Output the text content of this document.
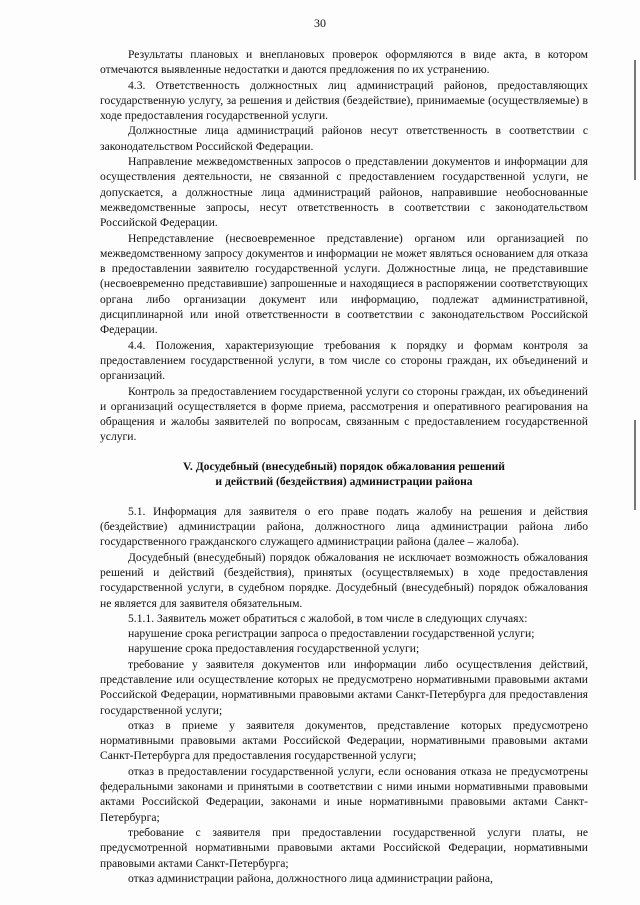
30

Результаты плановых и внеплановых проверок оформляются в виде акта, в котором отмечаются выявленные недостатки и даются предложения по их устранению.

4.3. Ответственность должностных лиц администраций районов, предоставляющих государственную услугу, за решения и действия (бездействие), принимаемые (осуществляемые) в ходе предоставления государственной услуги.

Должностные лица администраций районов несут ответственность в соответствии с законодательством Российской Федерации.

Направление межведомственных запросов о представлении документов и информации для осуществления деятельности, не связанной с предоставлением государственной услуги, не допускается, а должностные лица администраций районов, направившие необоснованные межведомственные запросы, несут ответственность в соответствии с законодательством Российской Федерации.

Непредставление (несвоевременное представление) органом или организацией по межведомственному запросу документов и информации не может являться основанием для отказа в предоставлении заявителю государственной услуги. Должностные лица, не представившие (несвоевременно представившие) запрошенные и находящиеся в распоряжении соответствующих органа либо организации документ или информацию, подлежат административной, дисциплинарной или иной ответственности в соответствии с законодательством Российской Федерации.

4.4. Положения, характеризующие требования к порядку и формам контроля за предоставлением государственной услуги, в том числе со стороны граждан, их объединений и организаций.

Контроль за предоставлением государственной услуги со стороны граждан, их объединений и организаций осуществляется в форме приема, рассмотрения и оперативного реагирования на обращения и жалобы заявителей по вопросам, связанным с предоставлением государственной услуги.

V. Досудебный (внесудебный) порядок обжалования решений
и действий (бездействия) администрации района

5.1. Информация для заявителя о его праве подать жалобу на решения и действия (бездействие) администрации района, должностного лица администрации района либо государственного гражданского служащего администрации района (далее – жалоба).

Досудебный (внесудебный) порядок обжалования не исключает возможность обжалования решений и действий (бездействия), принятых (осуществляемых) в ходе предоставления государственной услуги, в судебном порядке. Досудебный (внесудебный) порядок обжалования не является для заявителя обязательным.

5.1.1. Заявитель может обратиться с жалобой, в том числе в следующих случаях:

нарушение срока регистрации запроса о предоставлении государственной услуги;

нарушение срока предоставления государственной услуги;

требование у заявителя документов или информации либо осуществления действий, представление или осуществление которых не предусмотрено нормативными правовыми актами Российской Федерации, нормативными правовыми актами Санкт-Петербурга для предоставления государственной услуги;

отказ в приеме у заявителя документов, представление которых предусмотрено нормативными правовыми актами Российской Федерации, нормативными правовыми актами Санкт-Петербурга для предоставления государственной услуги;

отказ в предоставлении государственной услуги, если основания отказа не предусмотрены федеральными законами и принятыми в соответствии с ними иными нормативными правовыми актами Российской Федерации, законами и иные нормативными правовыми актами Санкт-Петербурга;

требование с заявителя при предоставлении государственной услуги платы, не предусмотренной нормативными правовыми актами Российской Федерации, нормативными правовыми актами Санкт-Петербурга;

отказ администрации района, должностного лица администрации района,
